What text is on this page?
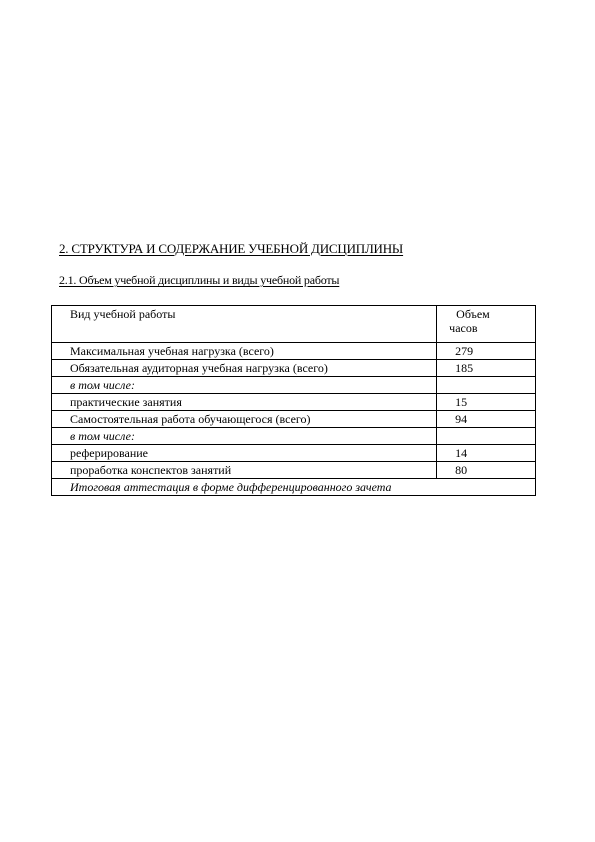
2. СТРУКТУРА И СОДЕРЖАНИЕ УЧЕБНОЙ ДИСЦИПЛИНЫ
2.1. Объем учебной дисциплины и виды учебной работы
Вид учебной работы	Объем
часов

Максимальная учебная нагрузка (всего)	279
Обязательная аудиторная учебная нагрузка (всего)	185
в том числе:	
практические занятия	15
Самостоятельная работа обучающегося (всего)	94
в том числе:	
реферирование	14
проработка конспектов занятий	80
Итоговая аттестация в форме дифференцированного зачета	
